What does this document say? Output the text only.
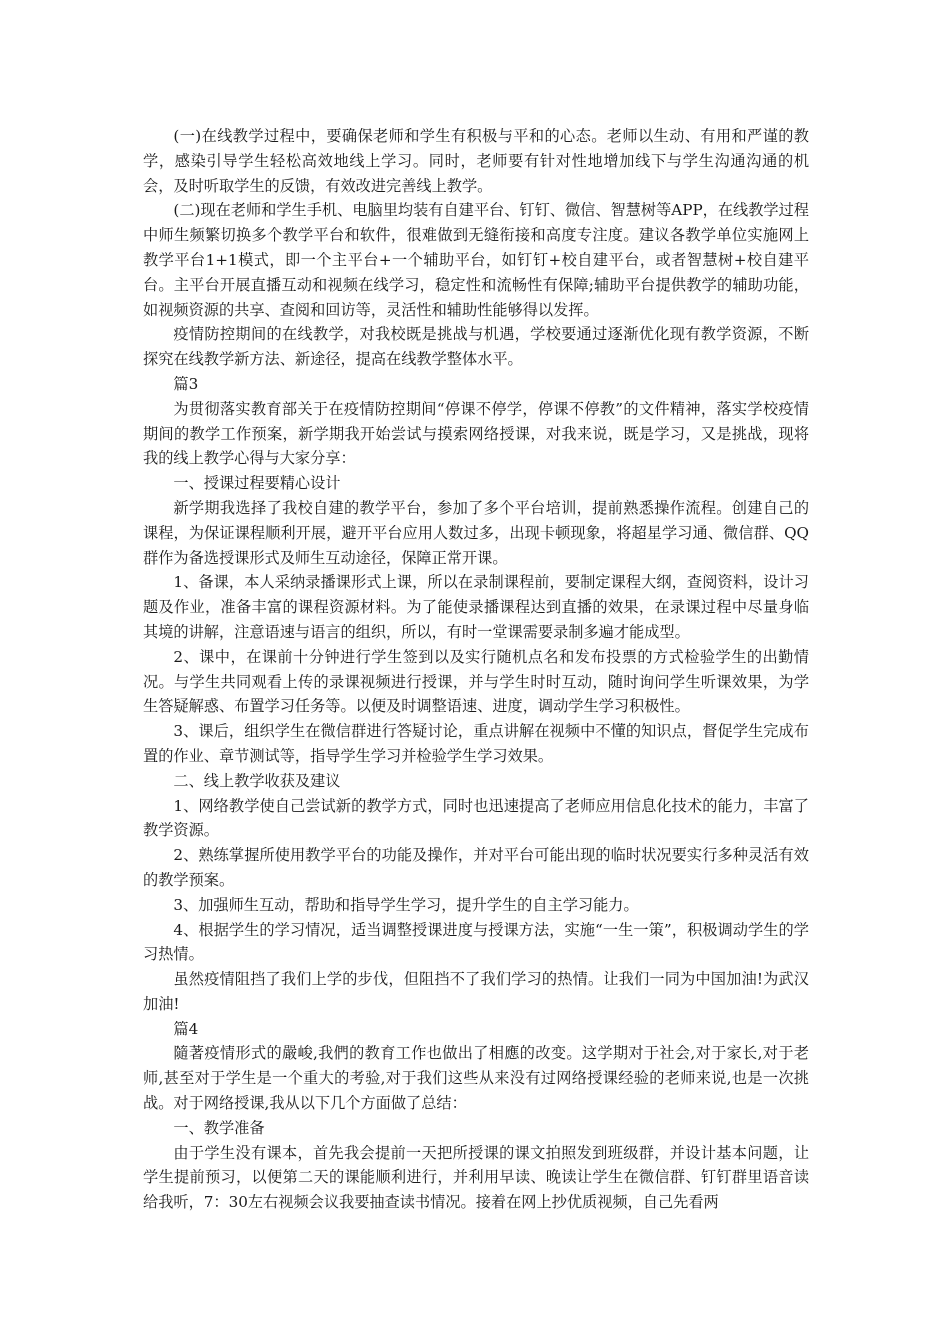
(一)在线教学过程中，要确保老师和学生有积极与平和的心态。老师以生动、有用和严谨的教学，感染引导学生轻松高效地线上学习。同时，老师要有针对性地增加线下与学生沟通沟通的机会，及时听取学生的反馈，有效改进完善线上教学。

(二)现在老师和学生手机、电脑里均装有自建平台、钉钉、微信、智慧树等APP，在线教学过程中师生频繁切换多个教学平台和软件，很难做到无缝衔接和高度专注度。建议各教学单位实施网上教学平台1+1模式，即一个主平台+一个辅助平台，如钉钉+校自建平台，或者智慧树+校自建平台。主平台开展直播互动和视频在线学习，稳定性和流畅性有保障;辅助平台提供教学的辅助功能，如视频资源的共享、查阅和回访等，灵活性和辅助性能够得以发挥。

疫情防控期间的在线教学，对我校既是挑战与机遇，学校要通过逐渐优化现有教学资源，不断探究在线教学新方法、新途径，提高在线教学整体水平。

篇3

为贯彻落实教育部关于在疫情防控期间“停课不停学，停课不停教”的文件精神，落实学校疫情期间的教学工作预案，新学期我开始尝试与摸索网络授课，对我来说，既是学习，又是挑战，现将我的线上教学心得与大家分享：

一、授课过程要精心设计

新学期我选择了我校自建的教学平台，参加了多个平台培训，提前熟悉操作流程。创建自己的课程，为保证课程顺利开展，避开平台应用人数过多，出现卡顿现象，将超星学习通、微信群、QQ 群作为备选授课形式及师生互动途径，保障正常开课。

1、备课，本人采纳录播课形式上课，所以在录制课程前，要制定课程大纲，查阅资料，设计习题及作业，准备丰富的课程资源材料。为了能使录播课程达到直播的效果，在录课过程中尽量身临其境的讲解，注意语速与语言的组织，所以，有时一堂课需要录制多遍才能成型。

2、课中，在课前十分钟进行学生签到以及实行随机点名和发布投票的方式检验学生的出勤情况。与学生共同观看上传的录课视频进行授课，并与学生时时互动，随时询问学生听课效果，为学生答疑解惑、布置学习任务等。以便及时调整语速、进度，调动学生学习积极性。

3、课后，组织学生在微信群进行答疑讨论，重点讲解在视频中不懂的知识点，督促学生完成布置的作业、章节测试等，指导学生学习并检验学生学习效果。

二、线上教学收获及建议

1、网络教学使自己尝试新的教学方式，同时也迅速提高了老师应用信息化技术的能力，丰富了教学资源。

2、熟练掌握所使用教学平台的功能及操作，并对平台可能出现的临时状况要实行多种灵活有效的教学预案。

3、加强师生互动，帮助和指导学生学习，提升学生的自主学习能力。

4、根据学生的学习情况，适当调整授课进度与授课方法，实施“一生一策”，积极调动学生的学习热情。

虽然疫情阻挡了我们上学的步伐，但阻挡不了我们学习的热情。让我们一同为中国加油!为武汉加油!

篇4

隨著疫情形式的嚴峻,我們的教育工作也做出了相應的改变。这学期对于社会,对于家长,对于老师,甚至对于学生是一个重大的考验,对于我们这些从来没有过网络授课经验的老师来说,也是一次挑战。对于网络授课,我从以下几个方面做了总结：

一、教学准备

由于学生没有课本，首先我会提前一天把所授课的课文拍照发到班级群，并设计基本问题，让学生提前预习，以便第二天的课能顺利进行，并利用早读、晚读让学生在微信群、钉钉群里语音读给我听，7：30左右视频会议我要抽查读书情况。接着在网上抄优质视频，自己先看两
